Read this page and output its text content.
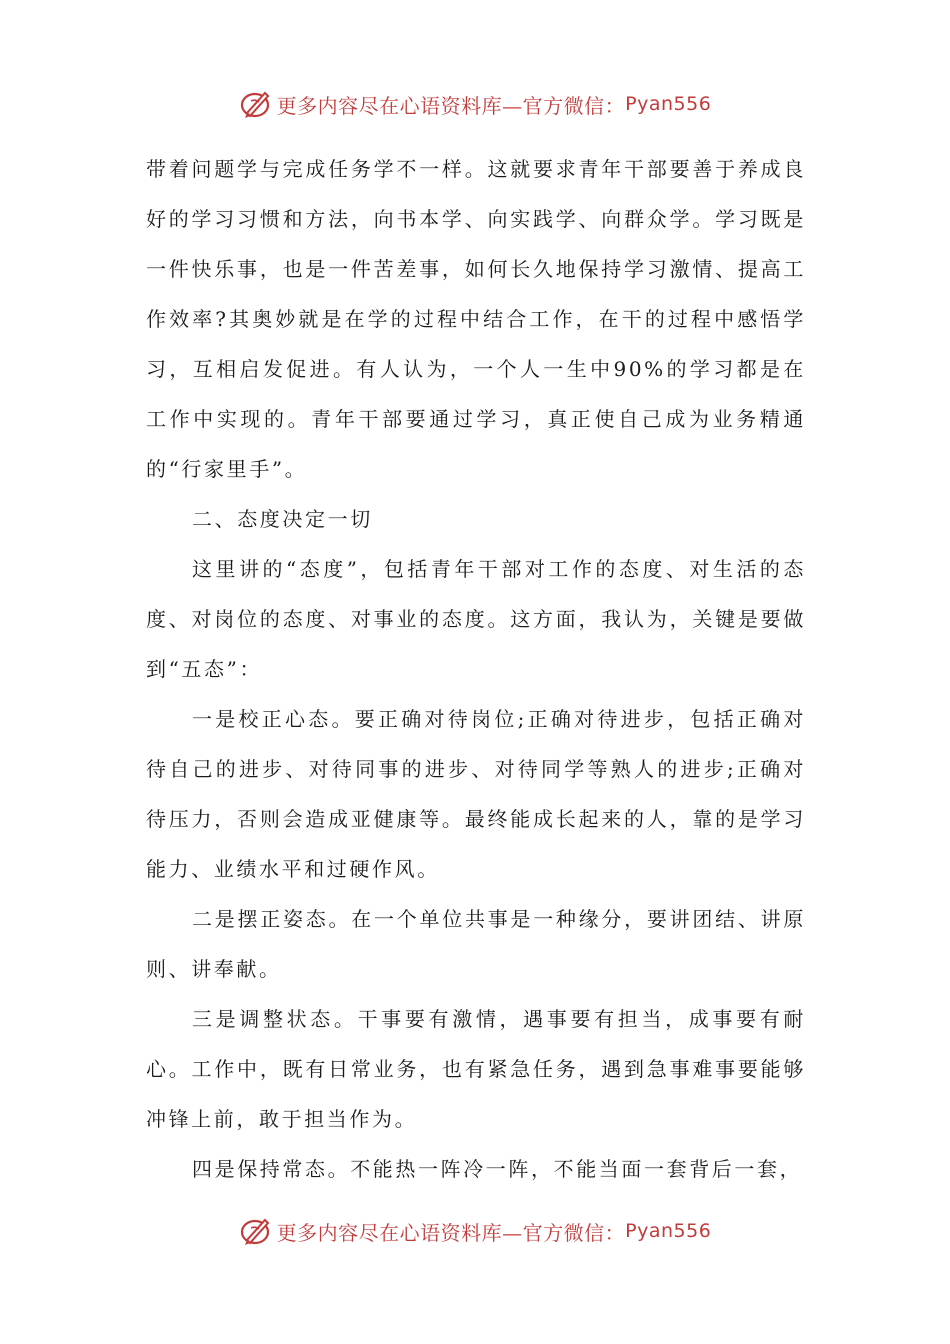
更多内容尽在心语资料库—官方微信： Pyan556

带着问题学与完成任务学不一样。这就要求青年干部要善于养成良好的学习习惯和方法，向书本学、向实践学、向群众学。学习既是一件快乐事，也是一件苦差事，如何长久地保持学习激情、提高工作效率?其奥妙就是在学的过程中结合工作，在干的过程中感悟学习，互相启发促进。有人认为，一个人一生中90%的学习都是在工作中实现的。青年干部要通过学习，真正使自己成为业务精通的“行家里手”。

二、态度决定一切

这里讲的“态度”，包括青年干部对工作的态度、对生活的态度、对岗位的态度、对事业的态度。这方面，我认为，关键是要做到“五态”：

一是校正心态。要正确对待岗位;正确对待进步，包括正确对待自己的进步、对待同事的进步、对待同学等熟人的进步;正确对待压力，否则会造成亚健康等。最终能成长起来的人，靠的是学习能力、业绩水平和过硬作风。

二是摆正姿态。在一个单位共事是一种缘分，要讲团结、讲原则、讲奉献。

三是调整状态。干事要有激情，遇事要有担当，成事要有耐心。工作中，既有日常业务，也有紧急任务，遇到急事难事要能够冲锋上前，敢于担当作为。

四是保持常态。不能热一阵冷一阵，不能当面一套背后一套，

更多内容尽在心语资料库—官方微信： Pyan556
